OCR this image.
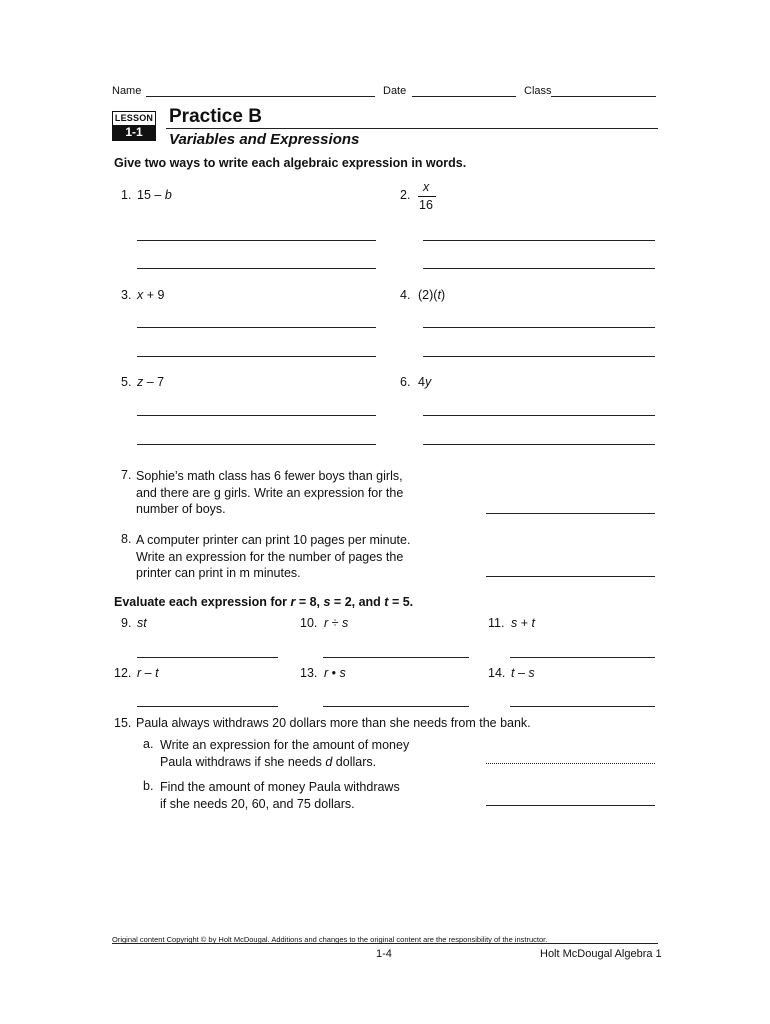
Name	Date	Class
LESSON
1-1
Practice B
Variables and Expressions
Give two ways to write each algebraic expression in words.
1. 15 – b	2.
x
16
3. x + 9	4. (2)(t)
5. z – 7	6. 4y
7. Sophie’s math class has 6 fewer boys than girls,
and there are g girls. Write an expression for the
number of boys.
8. A computer printer can print 10 pages per minute.
Write an expression for the number of pages the
printer can print in m minutes.
Evaluate each expression for r = 8, s = 2, and t = 5.
9. st	10. r ÷ s	11. s + t
12. r – t	13. r • s	14. t – s
15. Paula always withdraws 20 dollars more than she needs from the bank.
a. Write an expression for the amount of money
Paula withdraws if she needs d dollars.
b. Find the amount of money Paula withdraws
if she needs 20, 60, and 75 dollars.
Original content Copyright © by Holt McDougal. Additions and changes to the original content are the responsibility of the instructor.
1-4	Holt McDougal Algebra 1
